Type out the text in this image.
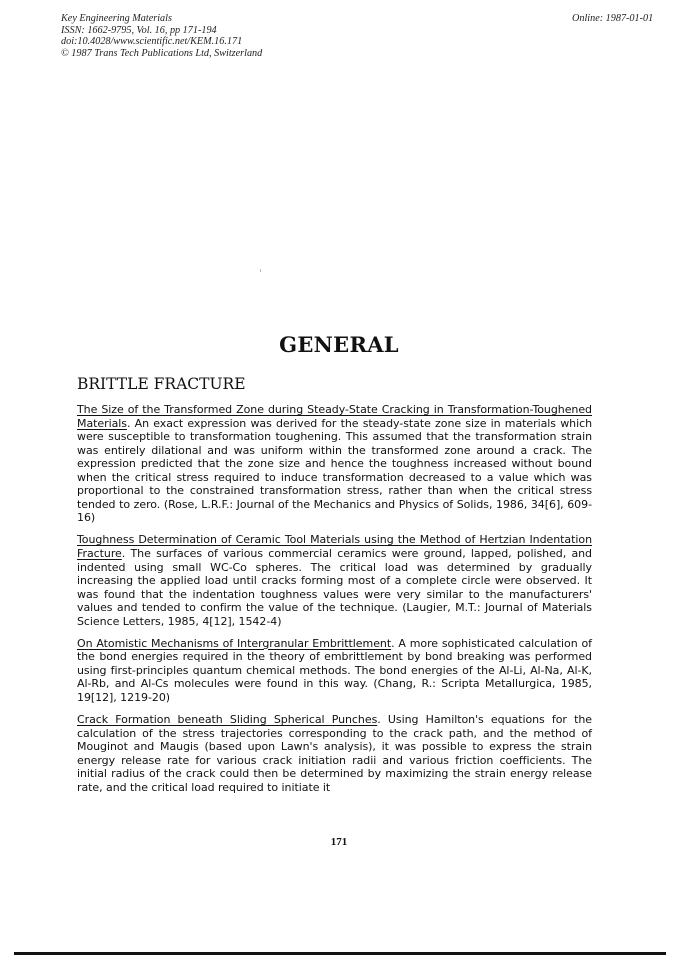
Key Engineering Materials
ISSN: 1662-9795, Vol. 16, pp 171-194
doi:10.4028/www.scientific.net/KEM.16.171
© 1987 Trans Tech Publications Ltd, Switzerland
Online: 1987-01-01
GENERAL
BRITTLE FRACTURE

The Size of the Transformed Zone during Steady-State Cracking in Transformation-Toughened Materials. An exact expression was derived for the steady-state zone size in materials which were susceptible to transformation toughening. This assumed that the transformation strain was entirely dilational and was uniform within the transformed zone around a crack. The expression predicted that the zone size and hence the toughness increased without bound when the critical stress required to induce transformation decreased to a value which was proportional to the constrained transformation stress, rather than when the critical stress tended to zero. (Rose, L.R.F.: Journal of the Mechanics and Physics of Solids, 1986, 34[6], 609-16)

Toughness Determination of Ceramic Tool Materials using the Method of Hertzian Indentation Fracture. The surfaces of various commercial ceramics were ground, lapped, polished, and indented using small WC-Co spheres. The critical load was determined by gradually increasing the applied load until cracks forming most of a complete circle were observed. It was found that the indentation toughness values were very similar to the manufacturers' values and tended to confirm the value of the technique. (Laugier, M.T.: Journal of Materials Science Letters, 1985, 4[12], 1542-4)

On Atomistic Mechanisms of Intergranular Embrittlement. A more sophisticated calculation of the bond energies required in the theory of embrittlement by bond breaking was performed using first-principles quantum chemical methods. The bond energies of the Al-Li, Al-Na, Al-K, Al-Rb, and Al-Cs molecules were found in this way. (Chang, R.: Scripta Metallurgica, 1985, 19[12], 1219-20)

Crack Formation beneath Sliding Spherical Punches. Using Hamilton's equations for the calculation of the stress trajectories corresponding to the crack path, and the method of Mouginot and Maugis (based upon Lawn's analysis), it was possible to express the strain energy release rate for various crack initiation radii and various friction coefficients. The initial radius of the crack could then be determined by maximizing the strain energy release rate, and the critical load required to initiate it

171
